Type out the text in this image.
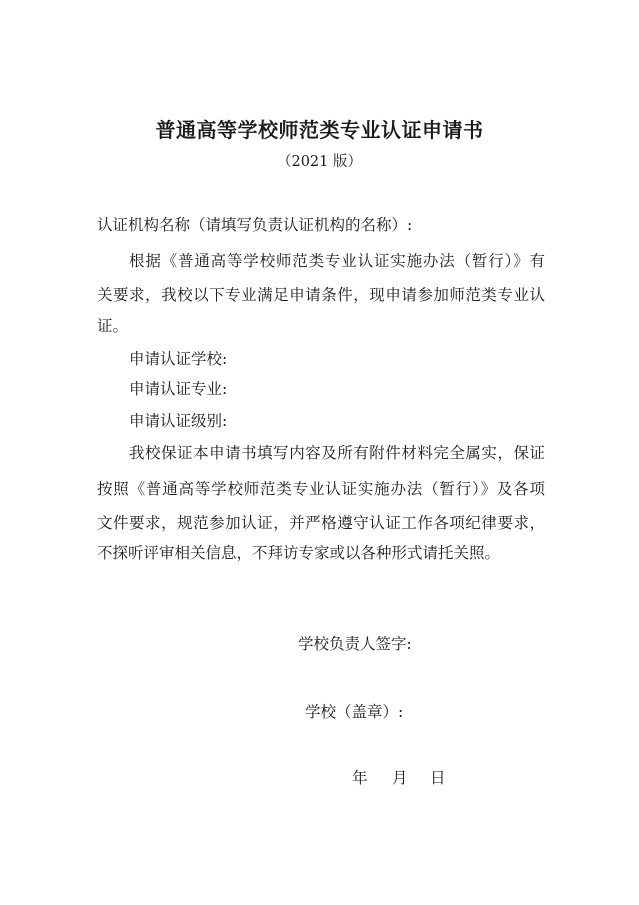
普通高等学校师范类专业认证申请书
（2021 版）
认证机构名称（请填写负责认证机构的名称）:
根据《普通高等学校师范类专业认证实施办法（暂行）》有
关要求，我校以下专业满足申请条件，现申请参加师范类专业认
证。
申请认证学校:
申请认证专业:
申请认证级别:
我校保证本申请书填写内容及所有附件材料完全属实，保证
按照《普通高等学校师范类专业认证实施办法（暂行）》及各项
文件要求，规范参加认证，并严格遵守认证工作各项纪律要求，
不探听评审相关信息，不拜访专家或以各种形式请托关照。
学校负责人签字:
学校（盖章）:
年 月 日
